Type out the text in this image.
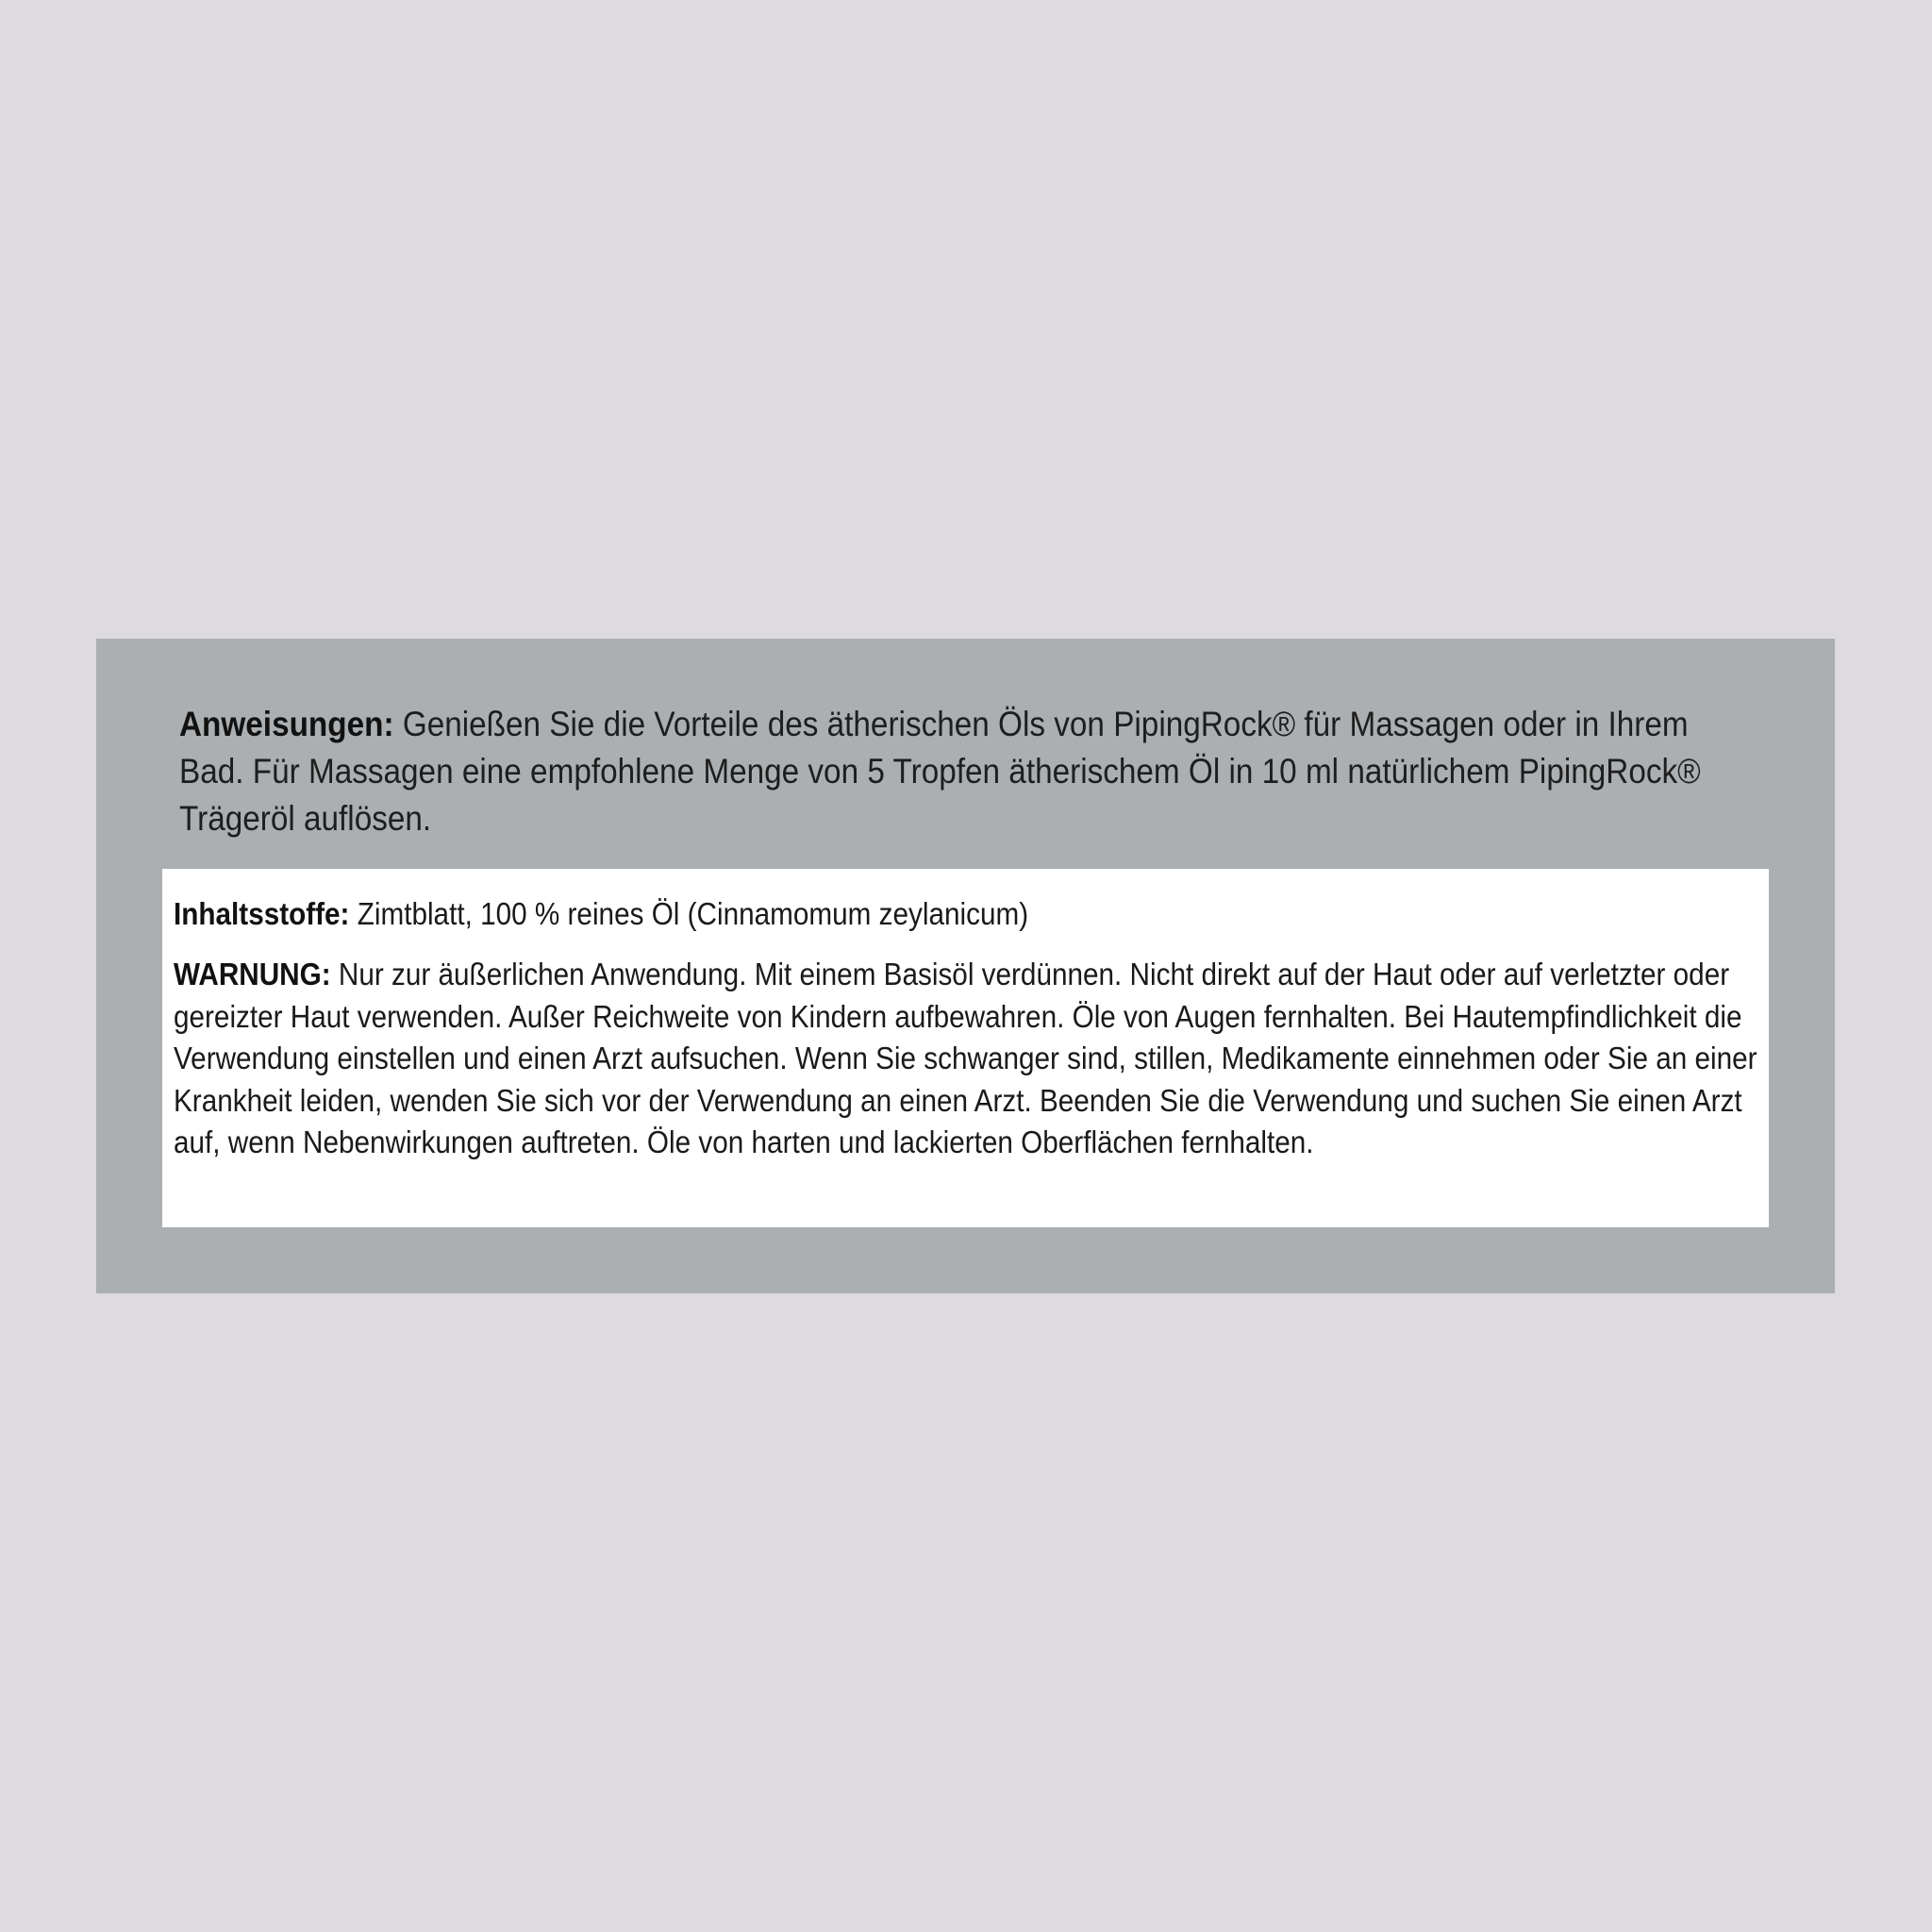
Anweisungen: Genießen Sie die Vorteile des ätherischen Öls von PipingRock® für Massagen oder in Ihrem Bad. Für Massagen eine empfohlene Menge von 5 Tropfen ätherischem Öl in 10 ml natürlichem PipingRock® Trägeröl auflösen.

Inhaltsstoffe: Zimtblatt, 100 % reines Öl (Cinnamomum zeylanicum)

WARNUNG: Nur zur äußerlichen Anwendung. Mit einem Basisöl verdünnen. Nicht direkt auf der Haut oder auf verletzter oder gereizter Haut verwenden. Außer Reichweite von Kindern aufbewahren. Öle von Augen fernhalten. Bei Hautempfindlichkeit die Verwendung einstellen und einen Arzt aufsuchen. Wenn Sie schwanger sind, stillen, Medikamente einnehmen oder Sie an einer Krankheit leiden, wenden Sie sich vor der Verwendung an einen Arzt. Beenden Sie die Verwendung und suchen Sie einen Arzt auf, wenn Nebenwirkungen auftreten. Öle von harten und lackierten Oberflächen fernhalten.
